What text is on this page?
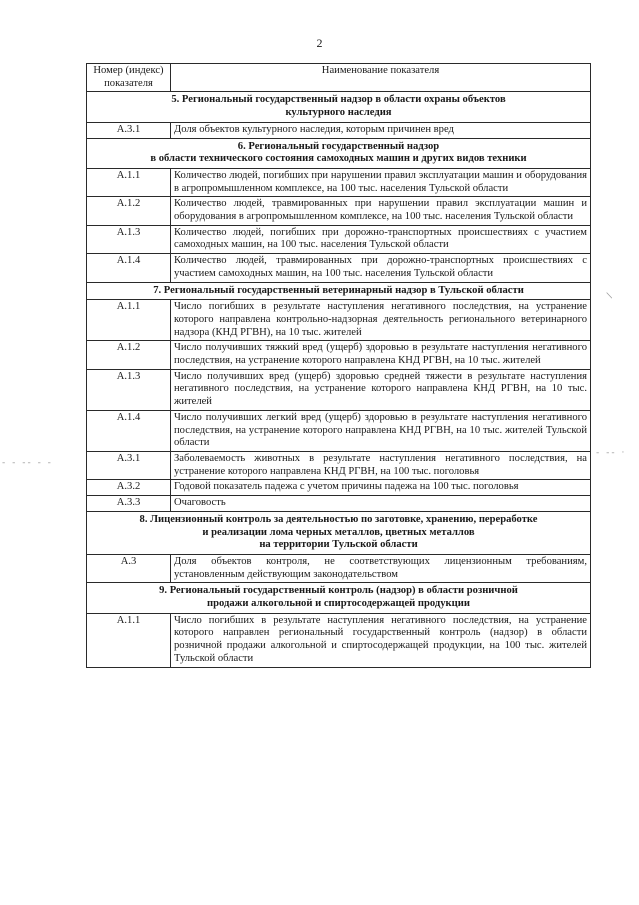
2
Номер (индекс) показателя	Наименование показателя

5. Региональный государственный надзор в области охраны объектов
культурного наследия	

А.3.1	Доля объектов культурного наследия, которым причинен вред

6. Региональный государственный надзор
в области технического состояния самоходных машин и других видов техники	

А.1.1	Количество людей, погибших при нарушении правил эксплуатации машин и оборудования в агропромышленном комплексе, на 100 тыс. населения Тульской области
А.1.2	Количество людей, травмированных при нарушении правил эксплуатации машин и оборудования в агропромышленном комплексе, на 100 тыс. населения Тульской области
А.1.3	Количество людей, погибших при дорожно-транспортных происшествиях с участием самоходных машин, на 100 тыс. населения Тульской области
А.1.4	Количество людей, травмированных при дорожно-транспортных происшествиях с участием самоходных машин, на 100 тыс. населения Тульской области

7. Региональный государственный ветеринарный надзор в Тульской области	

А.1.1	Число погибших в результате наступления негативного последствия, на устранение которого направлена контрольно-надзорная деятельность регионального ветеринарного надзора (КНД РГВН), на 10 тыс. жителей
А.1.2	Число получивших тяжкий вред (ущерб) здоровью в результате наступления негативного последствия, на устранение которого направлена КНД РГВН, на 10 тыс. жителей
А.1.3	Число получивших вред (ущерб) здоровью средней тяжести в результате наступления негативного последствия, на устранение которого направлена КНД РГВН, на 10 тыс. жителей
А.1.4	Число получивших легкий вред (ущерб) здоровью в результате наступления негативного последствия, на устранение которого направлена КНД РГВН, на 10 тыс. жителей Тульской области
А.3.1	Заболеваемость животных в результате наступления негативного последствия, на устранение которого направлена КНД РГВН, на 100 тыс. поголовья
А.3.2	Годовой показатель падежа с учетом причины падежа на 100 тыс. поголовья
А.3.3	Очаговость

8. Лицензионный контроль за деятельностью по заготовке, хранению, переработке
и реализации лома черных металлов, цветных металлов
на территории Тульской области	

А.3	Доля объектов контроля, не соответствующих лицензионным требованиям, установленным действующим законодательством

9. Региональный государственный контроль (надзор) в области розничной
продажи алкогольной и спиртосодержащей продукции	

А.1.1	Число погибших в результате наступления негативного последствия, на устранение которого направлен региональный государственный контроль (надзор) в области розничной продажи алкогольной и спиртосодержащей продукции, на 100 тыс. жителей Тульской области
- - -- - -
- -- ·
/
